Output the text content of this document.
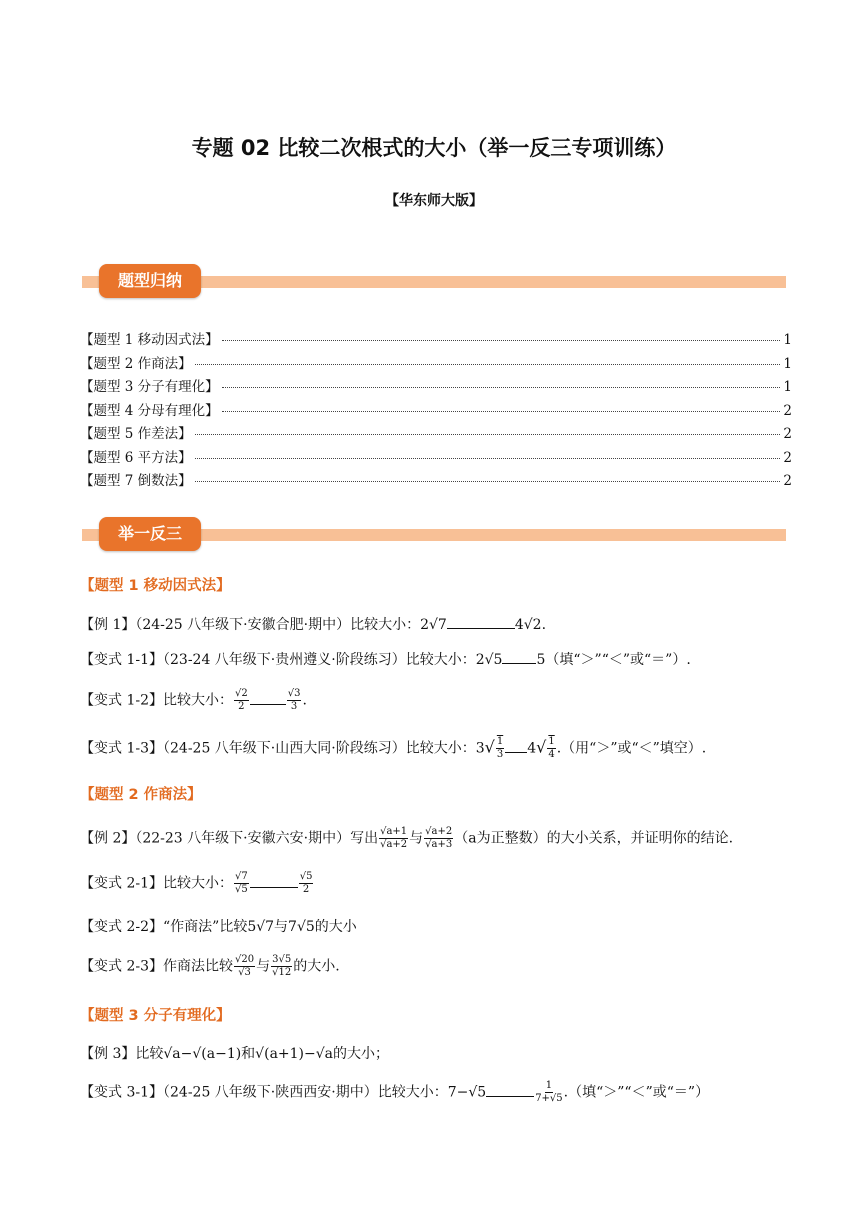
专题 02 比较二次根式的大小（举一反三专项训练）
【华东师大版】
题型归纳
【题型 1 移动因式法】	1
【题型 2 作商法】	1
【题型 3 分子有理化】	1
【题型 4 分母有理化】	2
【题型 5 作差法】	2
【题型 6 平方法】	2
【题型 7 倒数法】	2
举一反三
【题型 1 移动因式法】
【例 1】（24-25 八年级下·安徽合肥·期中）比较大小：2√7	4√2.
【变式 1-1】（23-24 八年级下·贵州遵义·阶段练习）比较大小：2√5 5（填“＞”“＜”或“＝”）.
【变式 1-2】比较大小： $\frac{√2}{2}$	$\frac{√3}{3}$ .
【变式 1-3】（24-25 八年级下·山西大同·阶段练习）比较大小：$3√ \frac{1}{3} 4√ \frac{1}{4}$ .（用“＞”或“＜”填空）.
【题型 2 作商法】
【例 2】（22-23 八年级下·安徽六安·期中）写出 $\frac{√a+1}{√a+2}$ 与 $\frac{√a+2}{√a+3} (a$为正整数）的大小关系，并证明你的结论.
【变式 2-1】比较大小： $\frac{√7}{√5}$	$\frac{√5}{2}$
【变式 2-2】“作商法”比较5√7与7√5的大小
【变式 2-3】作商法比较 $\frac{√20}{√3}$ 与 $\frac{3√5}{√12}$ 的大小.
【题型 3 分子有理化】
【例 3】比较√a−√(a−1)和√(a+1)−√a的大小；
【变式 3-1】（24-25 八年级下·陕西西安·期中）比较大小：7−√5	$\frac{1}{7+√5}$ .（填“＞”“＜”或“＝”）
